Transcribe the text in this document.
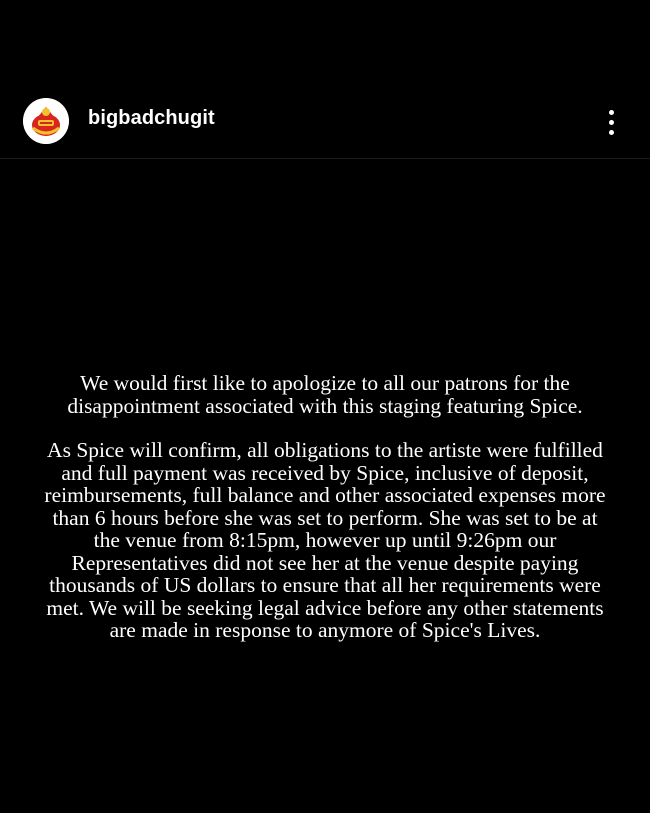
bigbadchugit

We would first like to apologize to all our patrons for the

disappointment associated with this staging featuring Spice.

As Spice will confirm, all obligations to the artiste were fulfilled

and full payment was received by Spice, inclusive of deposit,

reimbursements, full balance and other associated expenses more

than 6 hours before she was set to perform. She was set to be at

the venue from 8:15pm, however up until 9:26pm our

Representatives did not see her at the venue despite paying

thousands of US dollars to ensure that all her requirements were

met. We will be seeking legal advice before any other statements

are made in response to anymore of Spice's Lives.
